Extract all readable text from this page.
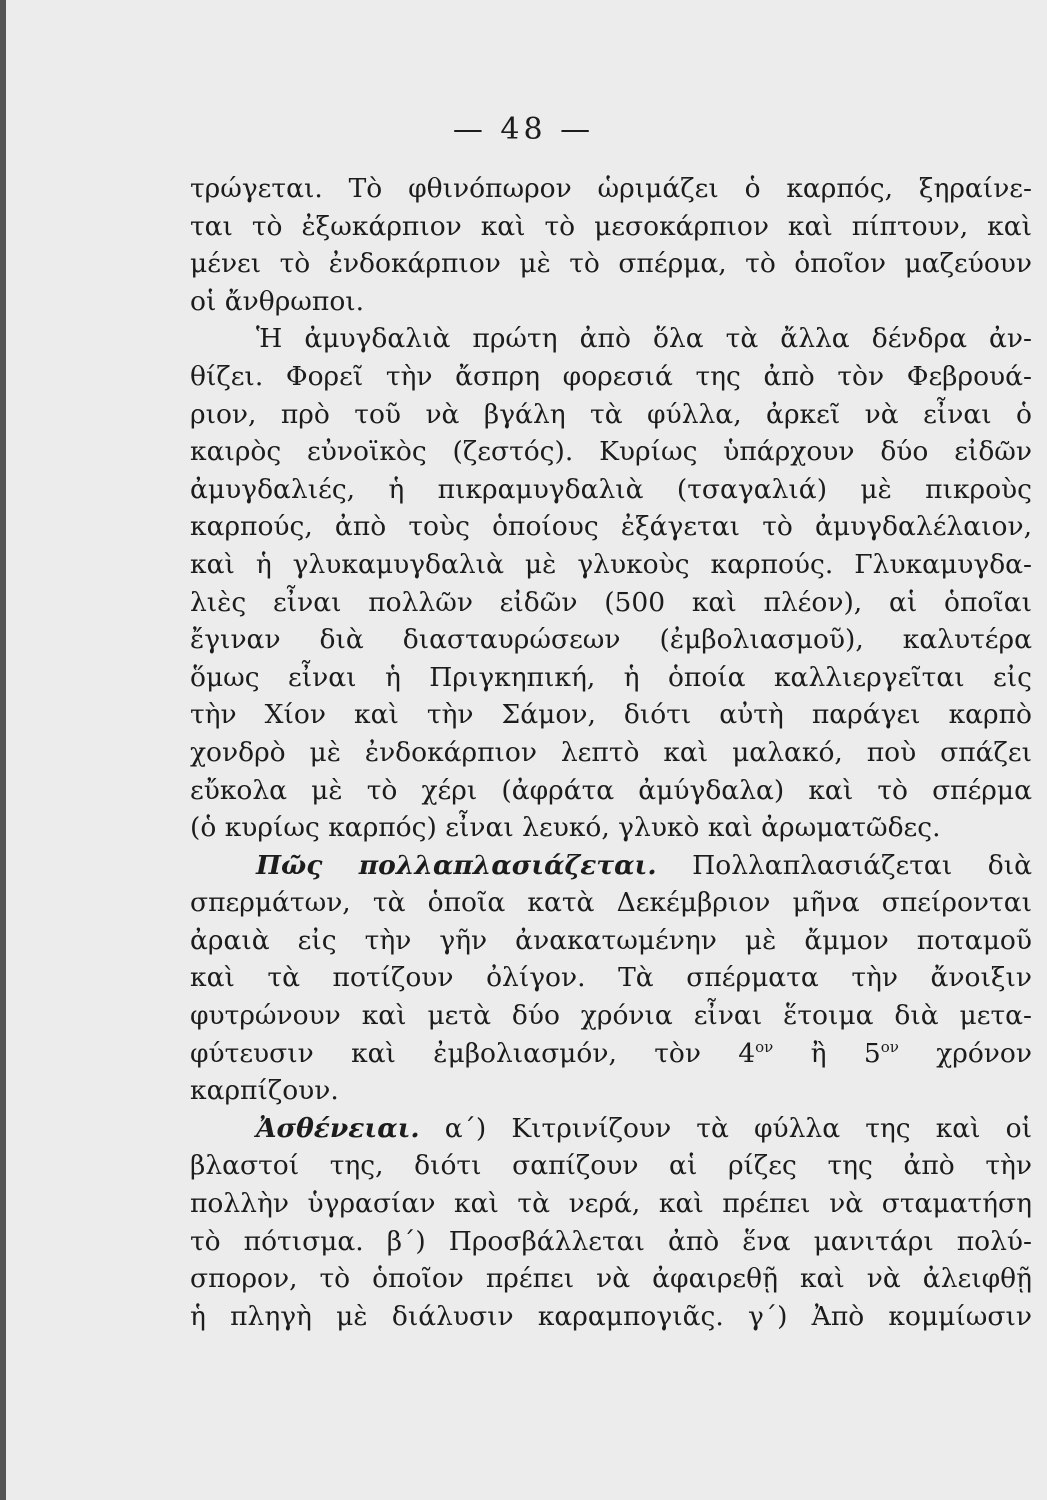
— 48 —
τρώγεται. Τὸ φθινόπωρον ὡριμάζει ὁ καρπός, ξηραίνε-
ται τὸ ἐξωκάρπιον καὶ τὸ μεσοκάρπιον καὶ πίπτουν, καὶ
μένει τὸ ἐνδοκάρπιον μὲ τὸ σπέρμα, τὸ ὁποῖον μαζεύουν
οἱ ἄνθρωποι.
Ἡ ἀμυγδαλιὰ πρώτη ἀπὸ ὅλα τὰ ἄλλα δένδρα ἀν-
θίζει. Φορεῖ τὴν ἄσπρη φορεσιά της ἀπὸ τὸν Φεβρουά-
ριον, πρὸ τοῦ νὰ βγάλη τὰ φύλλα, ἀρκεῖ νὰ εἶναι ὁ
καιρὸς εὐνοϊκὸς (ζεστός). Κυρίως ὑπάρχουν δύο εἰδῶν
ἀμυγδαλιές, ἡ πικραμυγδαλιὰ (τσαγαλιά) μὲ πικροὺς
καρπούς, ἀπὸ τοὺς ὁποίους ἐξάγεται τὸ ἀμυγδαλέλαιον,
καὶ ἡ γλυκαμυγδαλιὰ μὲ γλυκοὺς καρπούς. Γλυκαμυγδα-
λιὲς εἶναι πολλῶν εἰδῶν (500 καὶ πλέον), αἱ ὁποῖαι
ἔγιναν διὰ διασταυρώσεων (ἐμβολιασμοῦ), καλυτέρα
ὅμως εἶναι ἡ Πριγκηπική, ἡ ὁποία καλλιεργεῖται εἰς
τὴν Χίον καὶ τὴν Σάμον, διότι αὐτὴ παράγει καρπὸ
χονδρὸ μὲ ἐνδοκάρπιον λεπτὸ καὶ μαλακό, ποὺ σπάζει
εὔκολα μὲ τὸ χέρι (ἀφράτα ἀμύγδαλα) καὶ τὸ σπέρμα
(ὁ κυρίως καρπός) εἶναι λευκό, γλυκὸ καὶ ἀρωματῶδες.
Πῶς πολλαπλασιάζεται. Πολλαπλασιάζεται διὰ
σπερμάτων, τὰ ὁποῖα κατὰ Δεκέμβριον μῆνα σπείρονται
ἀραιὰ εἰς τὴν γῆν ἀνακατωμένην μὲ ἄμμον ποταμοῦ
καὶ τὰ ποτίζουν ὀλίγον. Τὰ σπέρματα τὴν ἄνοιξιν
φυτρώνουν καὶ μετὰ δύο χρόνια εἶναι ἕτοιμα διὰ μετα-
φύτευσιν καὶ ἐμβολιασμόν, τὸν $4^{o\nu}$ ἢ $5^{o\nu}$ χρόνον
καρπίζουν.
Ἀσθένειαι. α΄) Κιτρινίζουν τὰ φύλλα της καὶ οἱ
βλαστοί της, διότι σαπίζουν αἱ ρίζες της ἀπὸ τὴν
πολλὴν ὑγρασίαν καὶ τὰ νερά, καὶ πρέπει νὰ σταματήση
τὸ πότισμα. β΄) Προσβάλλεται ἀπὸ ἕνα μανιτάρι πολύ-
σπορον, τὸ ὁποῖον πρέπει νὰ ἀφαιρεθῇ καὶ νὰ ἀλειφθῇ
ἡ πληγὴ μὲ διάλυσιν καραμπογιᾶς. γ΄) Ἀπὸ κομμίωσιν
